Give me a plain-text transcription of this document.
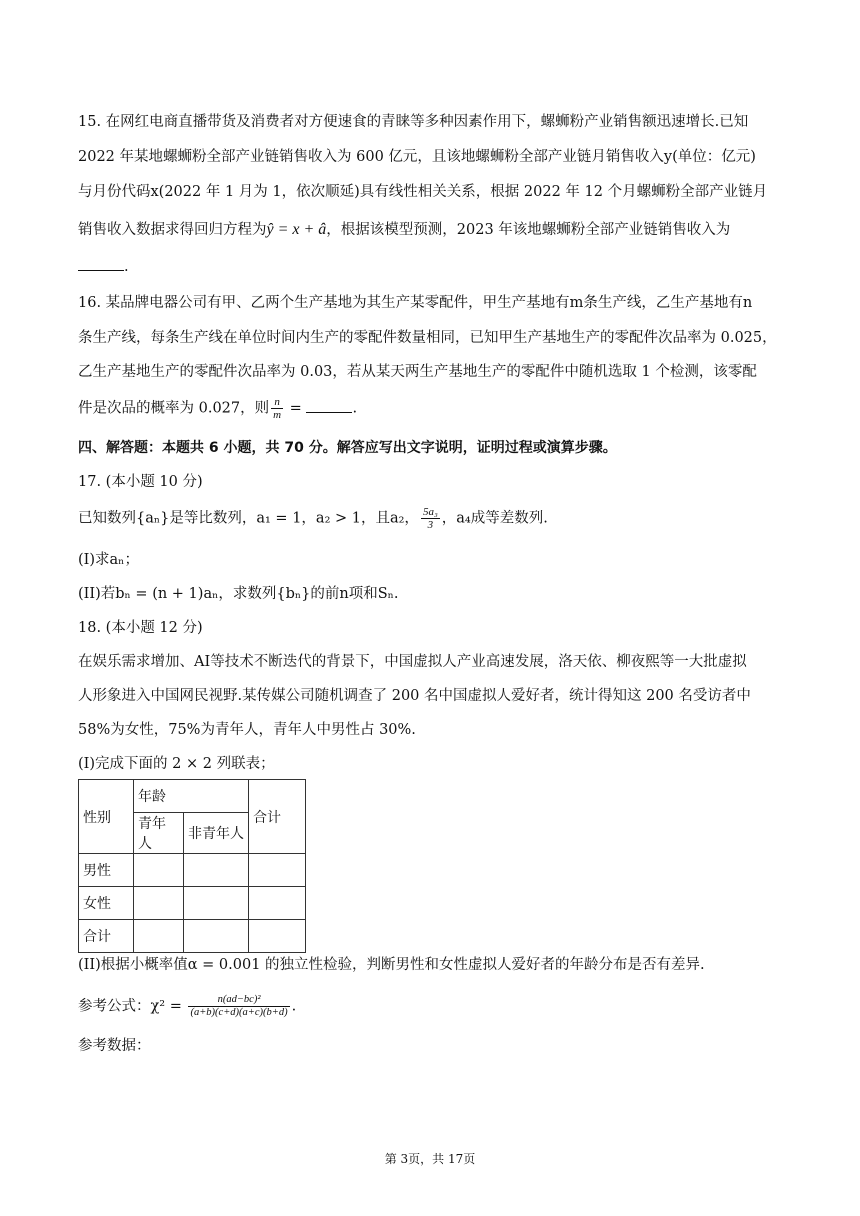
15. 在网红电商直播带货及消费者对方便速食的青睐等多种因素作用下，螺蛳粉产业销售额迅速增长.已知
2022 年某地螺蛳粉全部产业链销售收入为 600 亿元，且该地螺蛳粉全部产业链月销售收入y(单位：亿元)
与月份代码x(2022 年 1 月为 1，依次顺延)具有线性相关关系，根据 2022 年 12 个月螺蛳粉全部产业链月
销售收入数据求得回归方程为ŷ = x + â，根据该模型预测，2023 年该地螺蛳粉全部产业链销售收入为
.
16. 某品牌电器公司有甲、乙两个生产基地为其生产某零配件，甲生产基地有m条生产线，乙生产基地有n
条生产线，每条生产线在单位时间内生产的零配件数量相同，已知甲生产基地生产的零配件次品率为 0.025，
乙生产基地生产的零配件次品率为 0.03，若从某天两生产基地生产的零配件中随机选取 1 个检测，该零配
件是次品的概率为 0.027，则 $\frac{n}{m}$ =	.
四、解答题：本题共 6 小题，共 70 分。解答应写出文字说明，证明过程或演算步骤。
17. (本小题 10 分)
已知数列{aₙ}是等比数列，a₁ = 1，a₂ > 1，且a₂， $\frac{\text{5a₃}}{3}$ ，a₄成等差数列.
(I)求aₙ；
(II)若bₙ = (n + 1)aₙ，求数列{bₙ}的前n项和Sₙ.
18. (本小题 12 分)
在娱乐需求增加、AI等技术不断迭代的背景下，中国虚拟人产业高速发展，洛天依、柳夜熙等一大批虚拟
人形象进入中国网民视野.某传媒公司随机调查了 200 名中国虚拟人爱好者，统计得知这 200 名受访者中
58%为女性，75%为青年人，青年人中男性占 30%.
(I)完成下面的 2 × 2 列联表；
性别	年龄		合计
	青年人	非青年人	
男性			
女性			
合计			
(II)根据小概率值α = 0.001 的独立性检验，判断男性和女性虚拟人爱好者的年龄分布是否有差异.
参考公式：$\chi^2 = \frac{\text{n(ad−bc)²}}{(a+b)(c+d)(a+c)(b+d)}$ .
参考数据：
第 3页，共 17页
